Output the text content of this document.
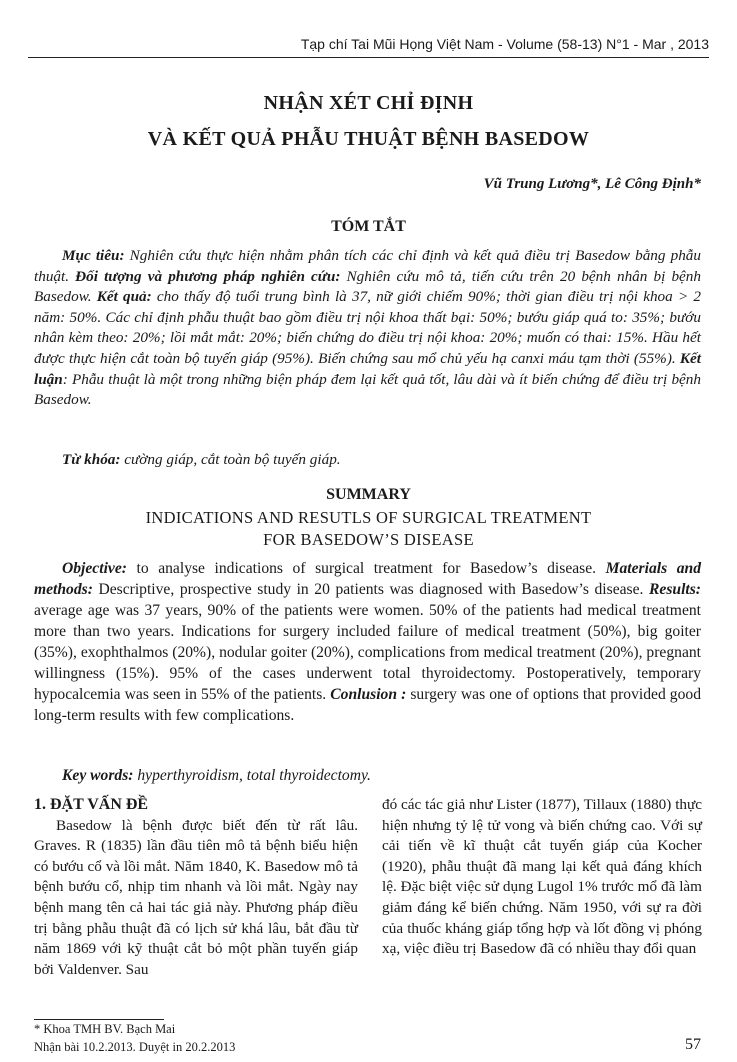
Tạp chí Tai Mũi Họng Việt Nam - Volume (58-13) N°1 - Mar , 2013
NHẬN XÉT CHỈ ĐỊNH
VÀ KẾT QUẢ PHẪU THUẬT BỆNH BASEDOW
Vũ Trung Lương*, Lê Công Định*
TÓM TẮT

Mục tiêu: Nghiên cứu thực hiện nhằm phân tích các chỉ định và kết quả điều trị Basedow bằng phẫu thuật. Đối tượng và phương pháp nghiên cứu: Nghiên cứu mô tả, tiến cứu trên 20 bệnh nhân bị bệnh Basedow. Kết quả: cho thấy độ tuổi trung bình là 37, nữ giới chiếm 90%; thời gian điều trị nội khoa > 2 năm: 50%. Các chỉ định phẫu thuật bao gồm điều trị nội khoa thất bại: 50%; bướu giáp quá to: 35%; bướu nhân kèm theo: 20%; lồi mắt mắt: 20%; biến chứng do điều trị nội khoa: 20%; muốn có thai: 15%. Hầu hết được thực hiện cắt toàn bộ tuyến giáp (95%). Biến chứng sau mổ chủ yếu hạ canxi máu tạm thời (55%). Kết luận: Phẫu thuật là một trong những biện pháp đem lại kết quả tốt, lâu dài và ít biến chứng để điều trị bệnh Basedow.

Từ khóa: cường giáp, cắt toàn bộ tuyến giáp.
SUMMARY
INDICATIONS AND RESUTLS OF SURGICAL TREATMENT
FOR BASEDOW’S DISEASE

Objective: to analyse indications of surgical treatment for Basedow’s disease. Materials and methods: Descriptive, prospective study in 20 patients was diagnosed with Basedow’s disease. Results: average age was 37 years, 90% of the patients were women. 50% of the patients had medical treatment more than two years. Indications for surgery included failure of medical treatment (50%), big goiter (35%), exophthalmos (20%), nodular goiter (20%), complications from medical treatment (20%), pregnant willingness (15%). 95% of the cases underwent total thyroidectomy. Postoperatively, temporary hypocalcemia was seen in 55% of the patients. Conlusion : surgery was one of options that provided good long-term results with few complications.

Key words: hyperthyroidism, total thyroidectomy.
1. ĐẶT VẤN ĐỀ

Basedow là bệnh được biết đến từ rất lâu. Graves. R (1835) lần đầu tiên mô tả bệnh biểu hiện có bướu cổ và lồi mắt. Năm 1840, K. Basedow mô tả bệnh bướu cổ, nhịp tim nhanh và lồi mắt. Ngày nay bệnh mang tên cả hai tác giả này. Phương pháp điều trị bằng phẫu thuật đã có lịch sử khá lâu, bắt đầu từ năm 1869 với kỹ thuật cắt bỏ một phần tuyến giáp bởi Valdenver. Sau

đó các tác giả như Lister (1877), Tillaux (1880) thực hiện nhưng tỷ lệ tử vong và biến chứng cao. Với sự cải tiến về kĩ thuật cắt tuyến giáp của Kocher (1920), phẫu thuật đã mang lại kết quả đáng khích lệ. Đặc biệt việc sử dụng Lugol 1% trước mổ đã làm giảm đáng kể biến chứng. Năm 1950, với sự ra đời của thuốc kháng giáp tổng hợp và lốt đồng vị phóng xạ, việc điều trị Basedow đã có nhiều thay đổi quan

* Khoa TMH BV. Bạch Mai
Nhận bài 10.2.2013. Duyệt in 20.2.2013	57
